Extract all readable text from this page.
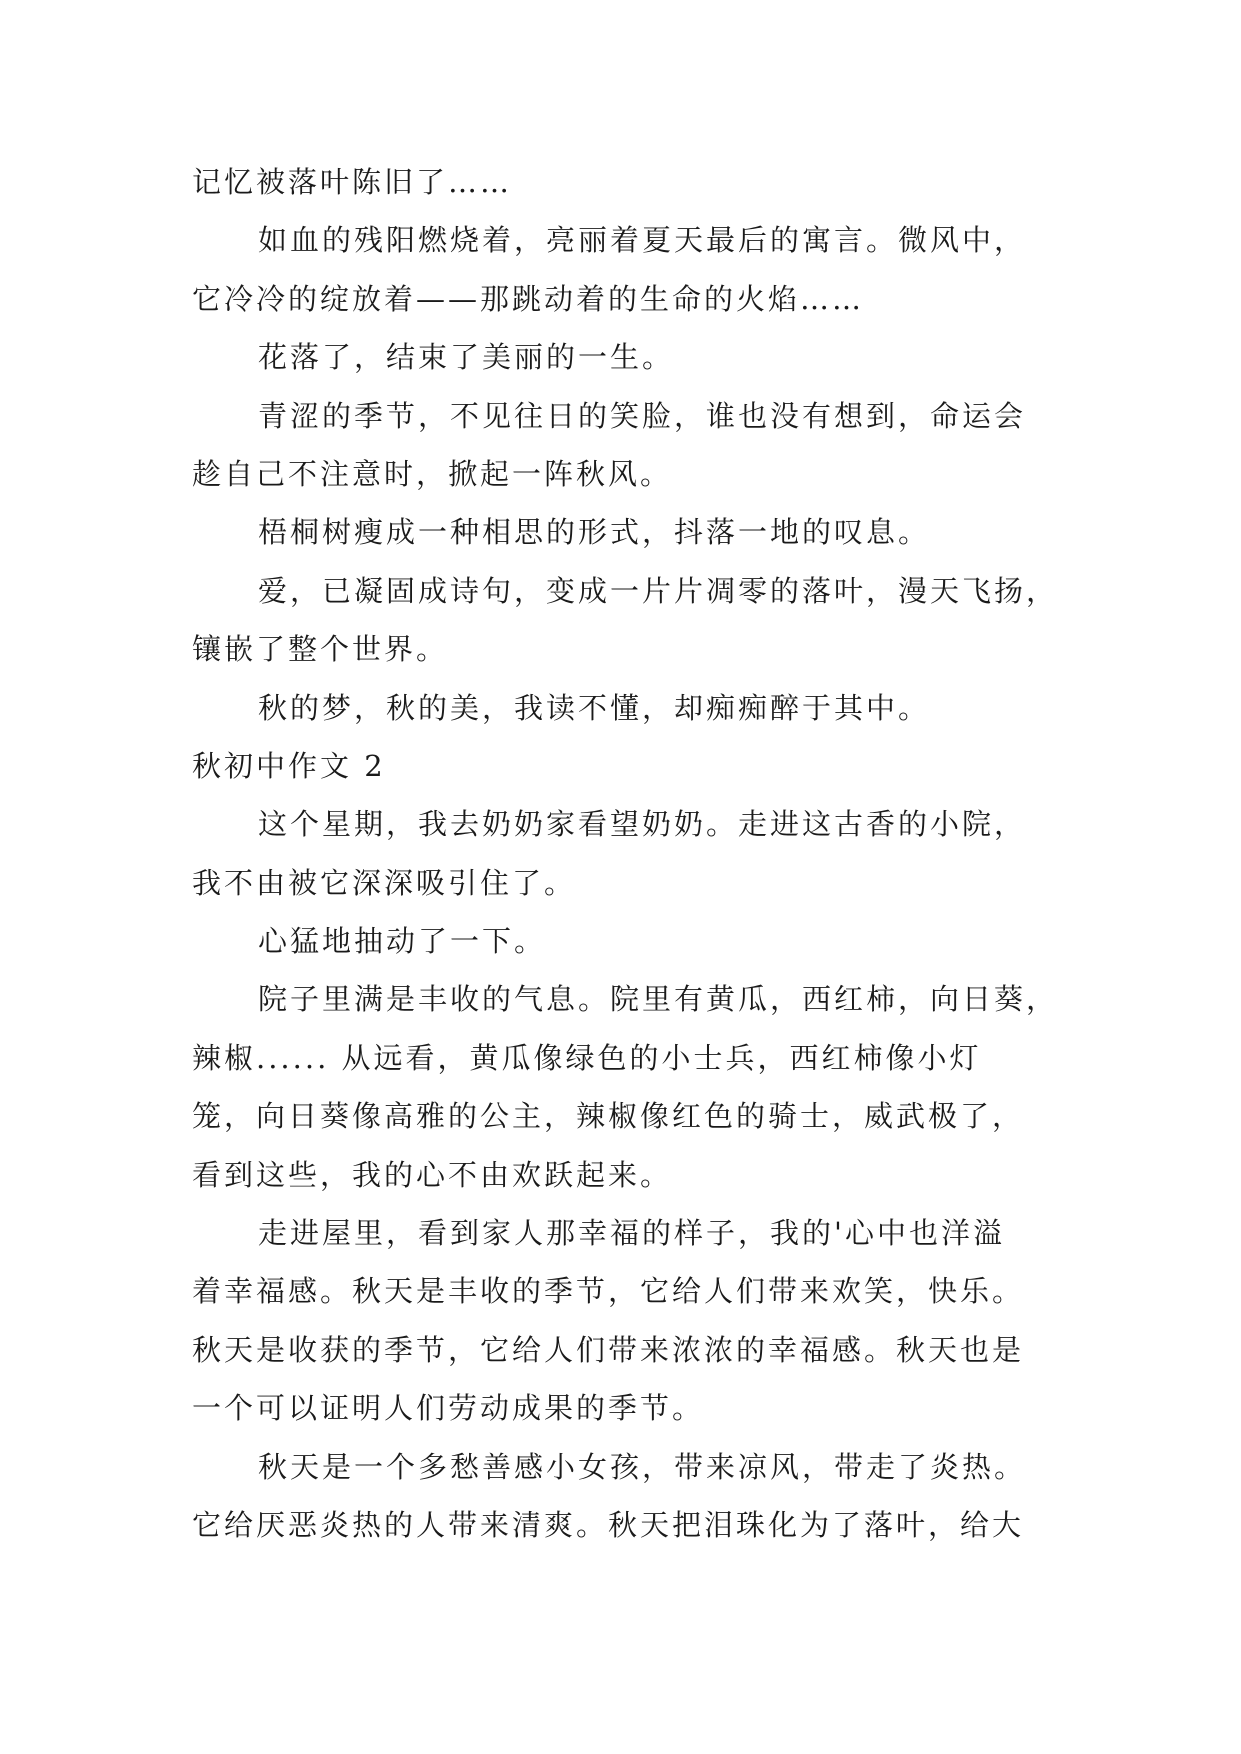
记忆被落叶陈旧了……
如血的残阳燃烧着，亮丽着夏天最后的寓言。微风中，
它冷冷的绽放着——那跳动着的生命的火焰……
花落了，结束了美丽的一生。
青涩的季节，不见往日的笑脸，谁也没有想到，命运会
趁自己不注意时，掀起一阵秋风。
梧桐树瘦成一种相思的形式，抖落一地的叹息。
爱，已凝固成诗句，变成一片片凋零的落叶，漫天飞扬，
镶嵌了整个世界。
秋的梦，秋的美，我读不懂，却痴痴醉于其中。
秋初中作文 2
这个星期，我去奶奶家看望奶奶。走进这古香的小院，
我不由被它深深吸引住了。
心猛地抽动了一下。
院子里满是丰收的气息。院里有黄瓜，西红柿，向日葵，
辣椒...... 从远看，黄瓜像绿色的小士兵，西红柿像小灯
笼，向日葵像高雅的公主，辣椒像红色的骑士，威武极了，
看到这些，我的心不由欢跃起来。
走进屋里，看到家人那幸福的样子，我的'心中也洋溢
着幸福感。秋天是丰收的季节，它给人们带来欢笑，快乐。
秋天是收获的季节，它给人们带来浓浓的幸福感。秋天也是
一个可以证明人们劳动成果的季节。
秋天是一个多愁善感小女孩，带来凉风，带走了炎热。
它给厌恶炎热的人带来清爽。秋天把泪珠化为了落叶，给大
